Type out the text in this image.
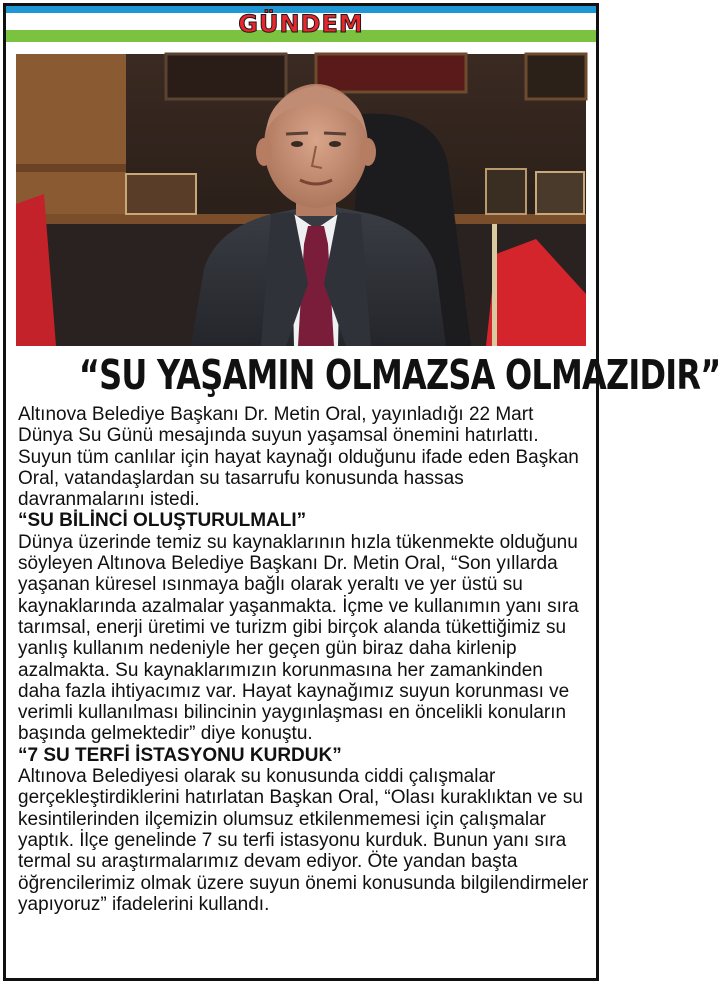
GÜNDEM
“SU YAŞAMIN OLMAZSA OLMAZIDIR”

Altınova Belediye Başkanı Dr. Metin Oral, yayınladığı 22 Mart Dünya Su Günü mesajında suyun yaşamsal önemini hatırlattı. Suyun tüm canlılar için hayat kaynağı olduğunu ifade eden Başkan Oral, vatandaşlardan su tasarrufu konusunda hassas davranmalarını istedi.

“SU BİLİNCİ OLUŞTURULMALI”

Dünya üzerinde temiz su kaynaklarının hızla tükenmekte olduğunu söyleyen Altınova Belediye Başkanı Dr. Metin Oral, “Son yıllarda yaşanan küresel ısınmaya bağlı olarak yeraltı ve yer üstü su kaynaklarında azalmalar yaşanmakta. İçme ve kullanımın yanı sıra tarımsal, enerji üretimi ve turizm gibi birçok alanda tükettiğimiz su yanlış kullanım nedeniyle her geçen gün biraz daha kirlenip azalmakta. Su kaynaklarımızın korunmasına her zamankinden daha fazla ihtiyacımız var. Hayat kaynağımız suyun korunması ve verimli kullanılması bilincinin yaygınlaşması en öncelikli konuların başında gelmektedir” diye konuştu.

“7 SU TERFİ İSTASYONU KURDUK”

Altınova Belediyesi olarak su konusunda ciddi çalışmalar gerçekleştirdiklerini hatırlatan Başkan Oral, “Olası kuraklıktan ve su kesintilerinden ilçemizin olumsuz etkilenmemesi için çalışmalar yaptık. İlçe genelinde 7 su terfi istasyonu kurduk. Bunun yanı sıra termal su araştırmalarımız devam ediyor. Öte yandan başta öğrencilerimiz olmak üzere suyun önemi konusunda bilgilendirmeler yapıyoruz” ifadelerini kullandı.
